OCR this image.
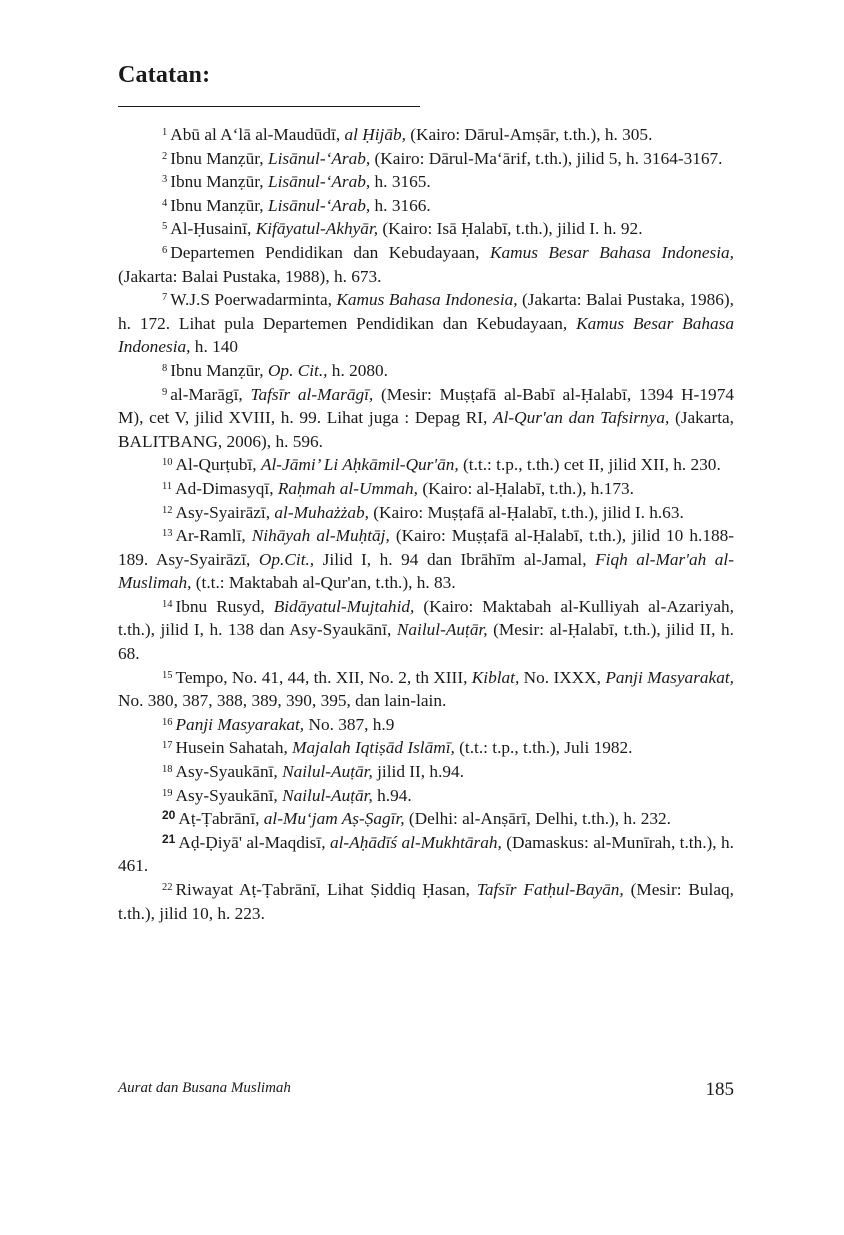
Catatan:

$^1$ Abū al A‘lā al-Maudūdī, al Ḥijāb, (Kairo: Dārul-Amṣār, t.th.), h. 305.

$^2$ Ibnu Manẓūr, Lisānul-‘Arab, (Kairo: Dārul-Ma‘ārif, t.th.), jilid 5, h. 3164-3167.

$^3$ Ibnu Manẓūr, Lisānul-‘Arab, h. 3165.

$^4$ Ibnu Manẓūr, Lisānul-‘Arab, h. 3166.

$^5$ Al-Ḥusainī, Kifāyatul-Akhyār, (Kairo: Isā Ḥalabī, t.th.), jilid I. h. 92.

$^6$ Departemen Pendidikan dan Kebudayaan, Kamus Besar Bahasa Indonesia, (Jakarta: Balai Pustaka, 1988), h. 673.

$^7$ W.J.S Poerwadarminta, Kamus Bahasa Indonesia, (Jakarta: Balai Pustaka, 1986), h. 172. Lihat pula Departemen Pendidikan dan Kebudayaan, Kamus Besar Bahasa Indonesia, h. 140

$^8$ Ibnu Manẓūr, Op. Cit., h. 2080.

$^9$ al-Marāgī, Tafsīr al-Marāgī, (Mesir: Muṣṭafā al-Babī al-Ḥalabī, 1394 H-1974 M), cet V, jilid XVIII, h. 99. Lihat juga : Depag RI, Al-Qur'an dan Tafsirnya, (Jakarta, BALITBANG, 2006), h. 596.

$^{10}$ Al-Qurṭubī, Al-Jāmi’ Li Aḥkāmil-Qur'ān, (t.t.: t.p., t.th.) cet II, jilid XII, h. 230.

$^{11}$ Ad-Dimasyqī, Raḥmah al-Ummah, (Kairo: al-Ḥalabī, t.th.), h.173.

$^{12}$ Asy-Syairāzī, al-Muhażżab, (Kairo: Muṣṭafā al-Ḥalabī, t.th.), jilid I. h.63.

$^{13}$ Ar-Ramlī, Nihāyah al-Muḥtāj, (Kairo: Muṣṭafā al-Ḥalabī, t.th.), jilid 10 h.188-189. Asy-Syairāzī, Op.Cit., Jilid I, h. 94 dan Ibrāhīm al-Jamal, Fiqh al-Mar'ah al-Muslimah, (t.t.: Maktabah al-Qur'an, t.th.), h. 83.

$^{14}$ Ibnu Rusyd, Bidāyatul-Mujtahid, (Kairo: Maktabah al-Kulliyah al-Azariyah, t.th.), jilid I, h. 138 dan Asy-Syaukānī, Nailul-Auṭār, (Mesir: al-Ḥalabī, t.th.), jilid II, h. 68.

$^{15}$ Tempo, No. 41, 44, th. XII, No. 2, th XIII, Kiblat, No. IXXX, Panji Masyarakat, No. 380, 387, 388, 389, 390, 395, dan lain-lain.

$^{16}$ Panji Masyarakat, No. 387, h.9

$^{17}$ Husein Sahatah, Majalah Iqtiṣād Islāmī, (t.t.: t.p., t.th.), Juli 1982.

$^{18}$ Asy-Syaukānī, Nailul-Auṭār, jilid II, h.94.

$^{19}$ Asy-Syaukānī, Nailul-Auṭār, h.94.

$^{20}$ Aṭ-Ṭabrānī, al-Mu‘jam Aṣ-Ṣagīr, (Delhi: al-Anṣārī, Delhi, t.th.), h. 232.

$^{21}$ Aḍ-Ḍiyā' al-Maqdisī, al-Aḥādīś al-Mukhtārah, (Damaskus: al-Munīrah, t.th.), h. 461.

$^{22}$ Riwayat Aṭ-Ṭabrānī, Lihat Ṣiddiq Ḥasan, Tafsīr Fatḥul-Bayān, (Mesir: Bulaq, t.th.), jilid 10, h. 223.

Aurat dan Busana Muslimah	185
